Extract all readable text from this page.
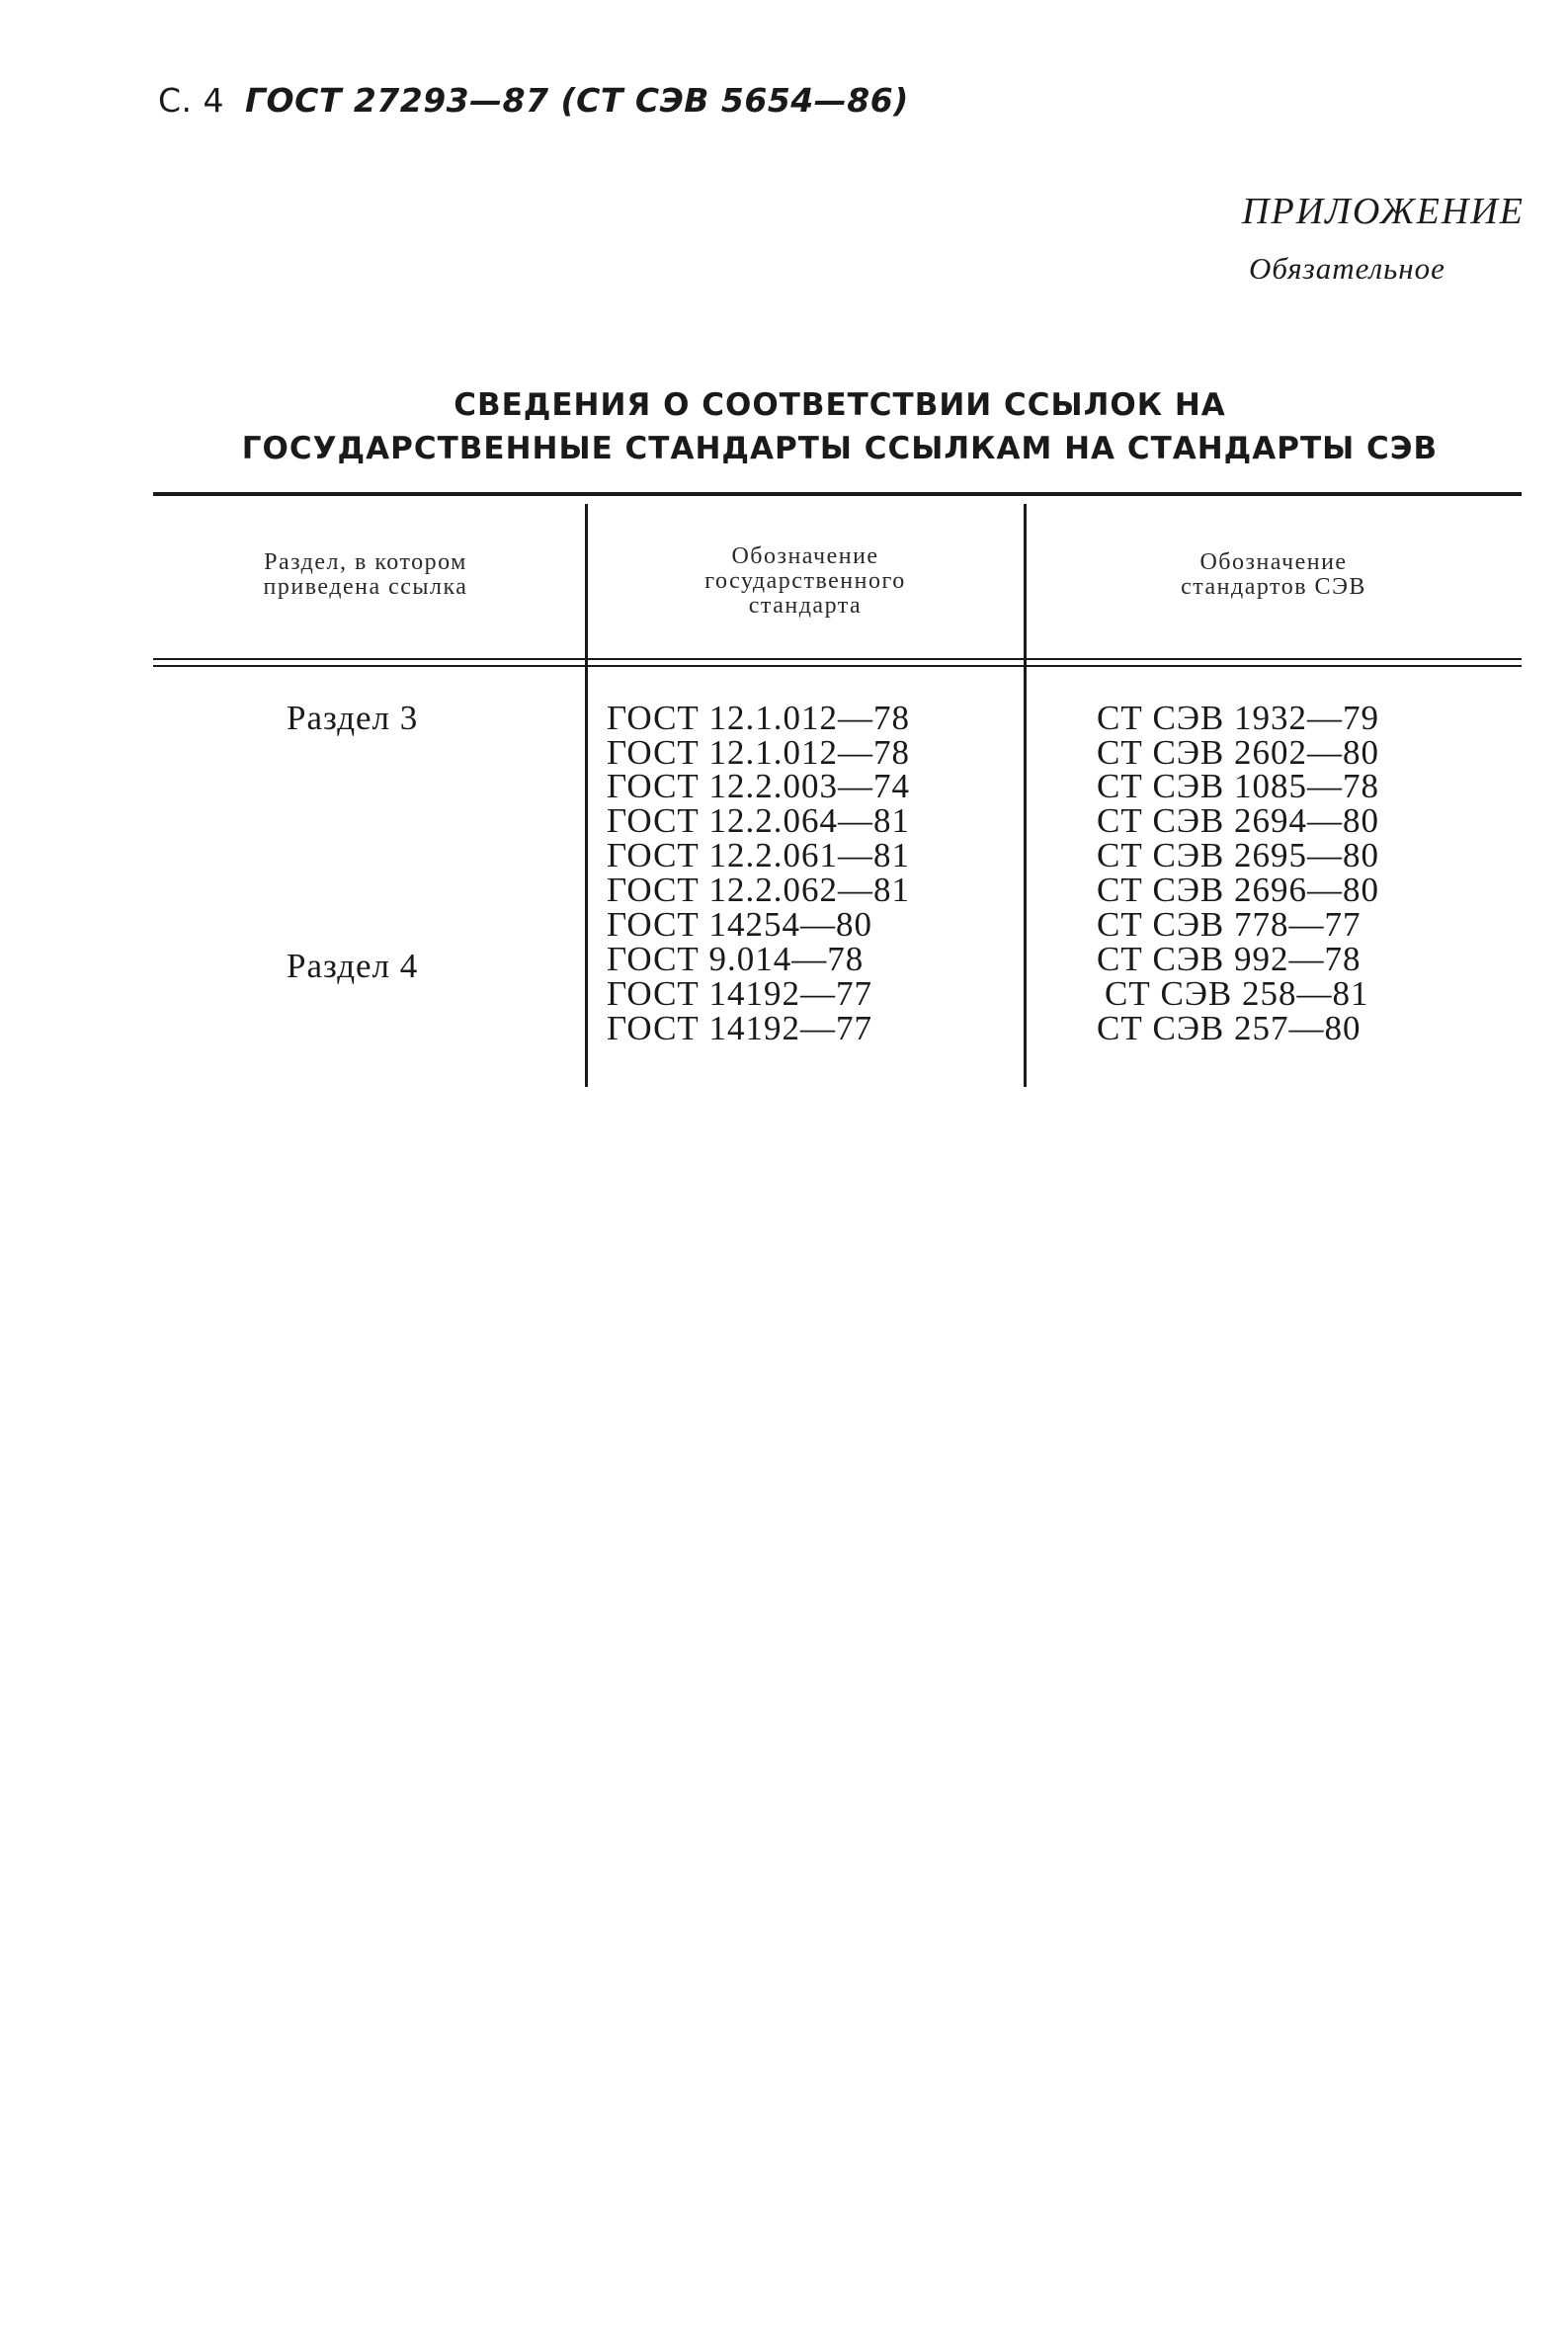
С. 4 ГОСТ 27293—87 (СТ СЭВ 5654—86)
ПРИЛОЖЕНИЕ
Обязательное
СВЕДЕНИЯ О СООТВЕТСТВИИ ССЫЛОК НА
ГОСУДАРСТВЕННЫЕ СТАНДАРТЫ ССЫЛКАМ НА СТАНДАРТЫ СЭВ
Раздел, в котором
приведена ссылка
Обозначение
государственного
стандарта
Обозначение
стандартов СЭВ
Раздел 3
Раздел 4
ГОСТ 12.1.012—78
ГОСТ 12.1.012—78
ГОСТ 12.2.003—74
ГОСТ 12.2.064—81
ГОСТ 12.2.061—81
ГОСТ 12.2.062—81
ГОСТ 14254—80
ГОСТ 9.014—78
ГОСТ 14192—77
ГОСТ 14192—77
СТ СЭВ 1932—79
СТ СЭВ 2602—80
СТ СЭВ 1085—78
СТ СЭВ 2694—80
СТ СЭВ 2695—80
СТ СЭВ 2696—80
СТ СЭВ 778—77
СТ СЭВ 992—78
СТ СЭВ 258—81
СТ СЭВ 257—80
